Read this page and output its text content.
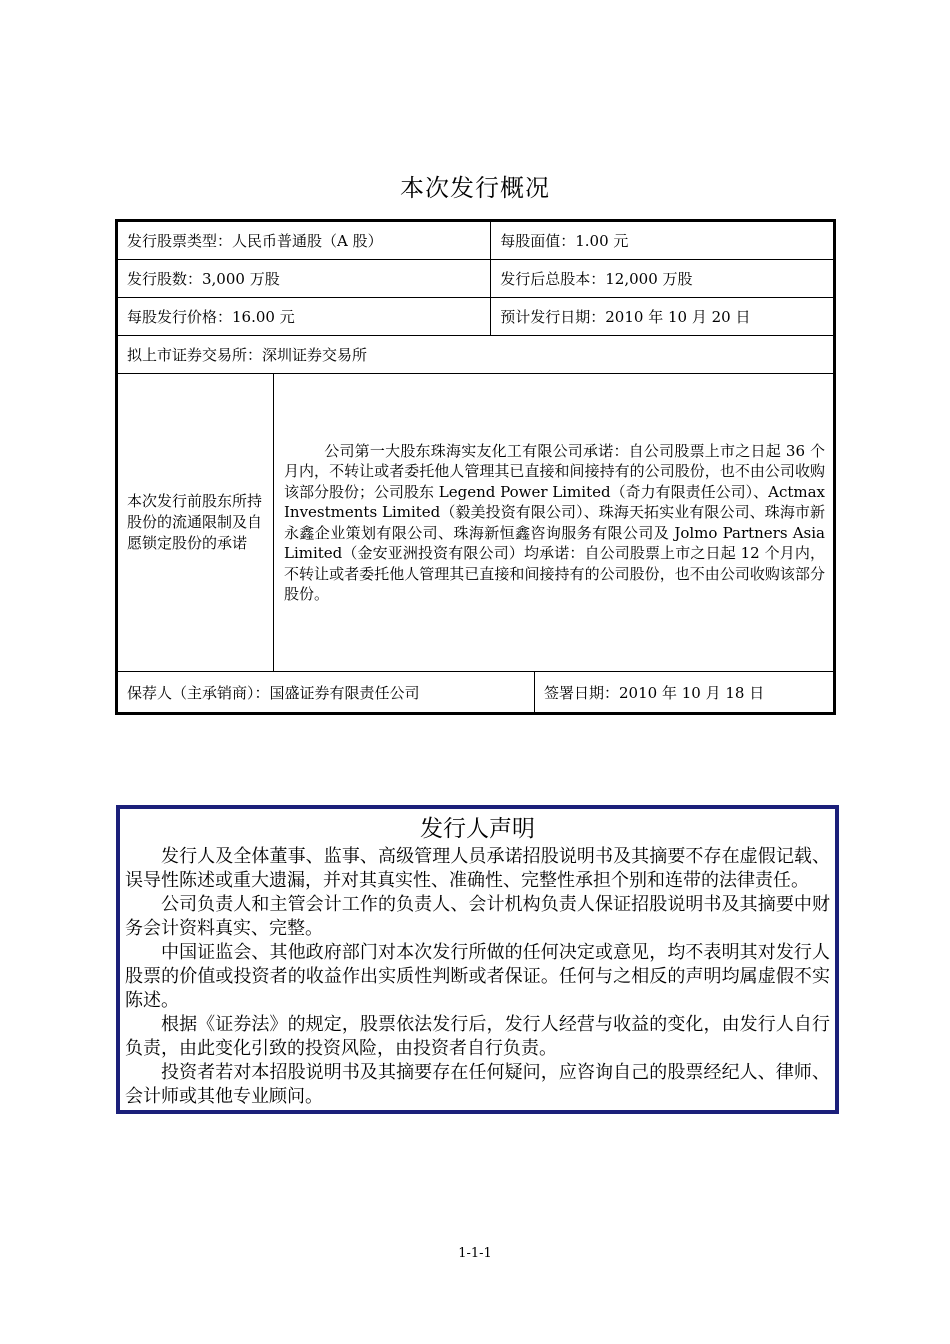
本次发行概况
发行股票类型：人民币普通股（A 股）		每股面值：1.00 元
发行股数：3,000 万股		发行后总股本：12,000 万股
每股发行价格：16.00 元		预计发行日期：2010 年 10 月 20 日
拟上市证券交易所：深圳证券交易所		
本次发行前股东所持股份的流通限制及自愿锁定股份的承诺	公司第一大股东珠海实友化工有限公司承诺：自公司股票上市之日起 36 个月内，不转让或者委托他人管理其已直接和间接持有的公司股份，也不由公司收购该部分股份；公司股东 Legend Power Limited（奇力有限责任公司）、Actmax Investments Limited（毅美投资有限公司）、珠海天拓实业有限公司、珠海市新永鑫企业策划有限公司、珠海新恒鑫咨询服务有限公司及 Jolmo Partners Asia Limited（金安亚洲投资有限公司）均承诺：自公司股票上市之日起 12 个月内，不转让或者委托他人管理其已直接和间接持有的公司股份，也不由公司收购该部分股份。	

保荐人（主承销商）：国盛证券有限责任公司 签署日期：2010 年 10 月 18 日		
发行人声明

发行人及全体董事、监事、高级管理人员承诺招股说明书及其摘要不存在虚假记载、误导性陈述或重大遗漏，并对其真实性、准确性、完整性承担个别和连带的法律责任。

公司负责人和主管会计工作的负责人、会计机构负责人保证招股说明书及其摘要中财务会计资料真实、完整。

中国证监会、其他政府部门对本次发行所做的任何决定或意见，均不表明其对发行人股票的价值或投资者的收益作出实质性判断或者保证。任何与之相反的声明均属虚假不实陈述。

根据《证券法》的规定，股票依法发行后，发行人经营与收益的变化，由发行人自行负责，由此变化引致的投资风险，由投资者自行负责。

投资者若对本招股说明书及其摘要存在任何疑问，应咨询自己的股票经纪人、律师、会计师或其他专业顾问。

1-1-1
